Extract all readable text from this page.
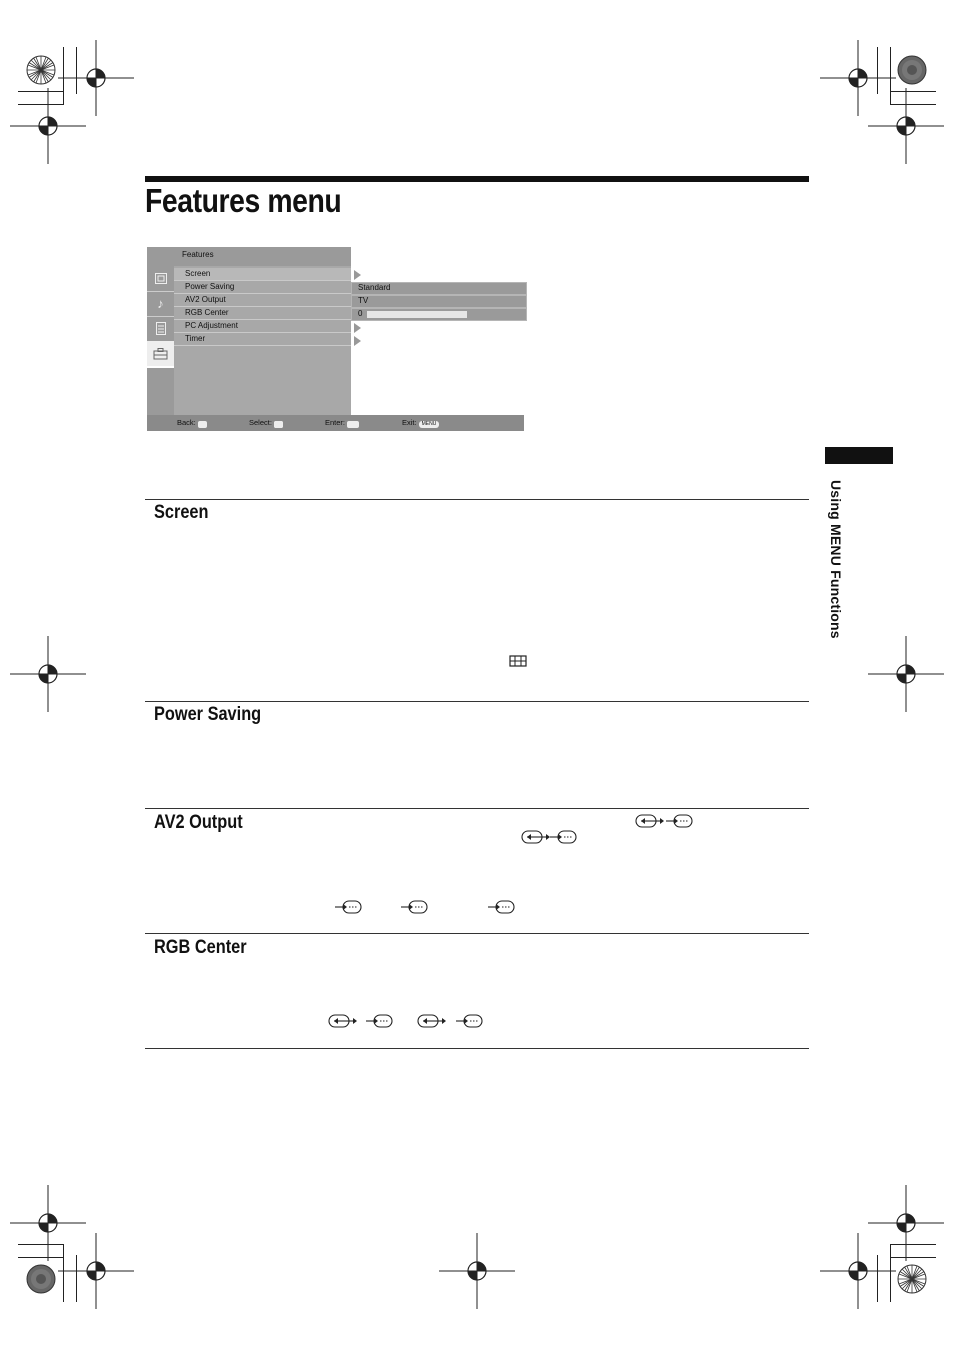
Features menu
Features
♪
Screen
Power Saving	Standard
AV2 Output	TV
RGB Center	0
PC Adjustment
Timer
Back:	Select:	Enter:	Exit:	MENU
Using MENU Functions
Screen
Power Saving
AV2 Output
RGB Center
